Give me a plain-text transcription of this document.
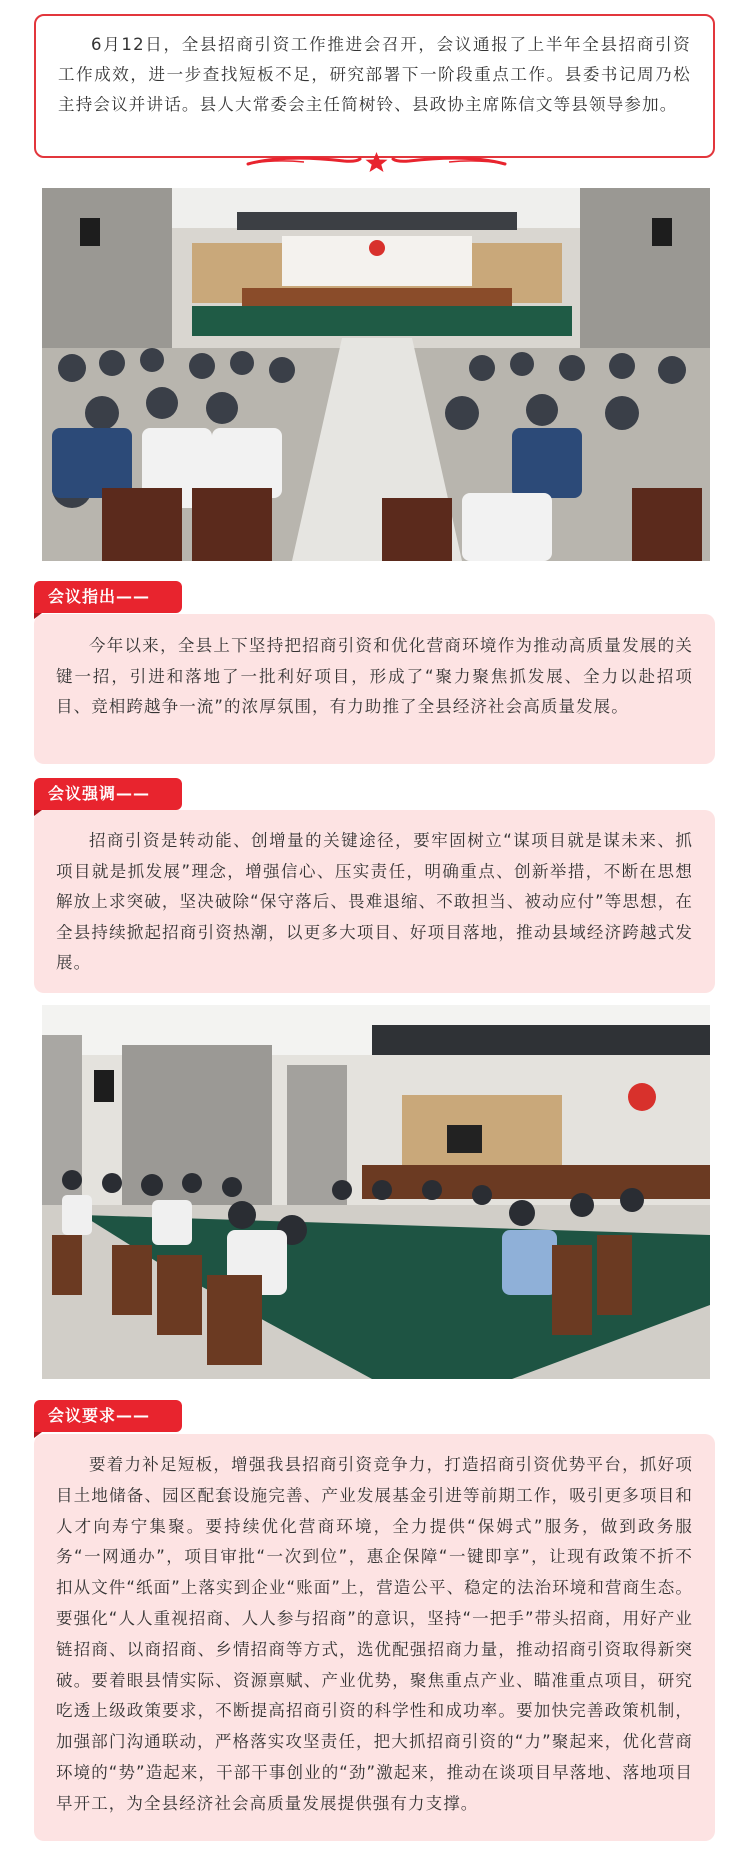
6月12日，全县招商引资工作推进会召开，会议通报了上半年全县招商引资工作成效，进一步查找短板不足，研究部署下一阶段重点工作。县委书记周乃松主持会议并讲话。县人大常委会主任简树铃、县政协主席陈信文等县领导参加。

会议指出——

今年以来，全县上下坚持把招商引资和优化营商环境作为推动高质量发展的关键一招，引进和落地了一批利好项目，形成了“聚力聚焦抓发展、全力以赴招项目、竞相跨越争一流”的浓厚氛围，有力助推了全县经济社会高质量发展。

会议强调——

招商引资是转动能、创增量的关键途径，要牢固树立“谋项目就是谋未来、抓项目就是抓发展”理念，增强信心、压实责任，明确重点、创新举措，不断在思想解放上求突破，坚决破除“保守落后、畏难退缩、不敢担当、被动应付”等思想，在全县持续掀起招商引资热潮，以更多大项目、好项目落地，推动县域经济跨越式发展。

会议要求——

要着力补足短板，增强我县招商引资竞争力，打造招商引资优势平台，抓好项目土地储备、园区配套设施完善、产业发展基金引进等前期工作，吸引更多项目和人才向寿宁集聚。要持续优化营商环境，全力提供“保姆式”服务，做到政务服务“一网通办”，项目审批“一次到位”，惠企保障“一键即享”，让现有政策不折不扣从文件“纸面”上落实到企业“账面”上，营造公平、稳定的法治环境和营商生态。要强化“人人重视招商、人人参与招商”的意识，坚持“一把手”带头招商，用好产业链招商、以商招商、乡情招商等方式，选优配强招商力量，推动招商引资取得新突破。要着眼县情实际、资源禀赋、产业优势，聚焦重点产业、瞄准重点项目，研究吃透上级政策要求，不断提高招商引资的科学性和成功率。要加快完善政策机制，加强部门沟通联动，严格落实攻坚责任，把大抓招商引资的“力”聚起来，优化营商环境的“势”造起来，干部干事创业的“劲”激起来，推动在谈项目早落地、落地项目早开工，为全县经济社会高质量发展提供强有力支撑。
